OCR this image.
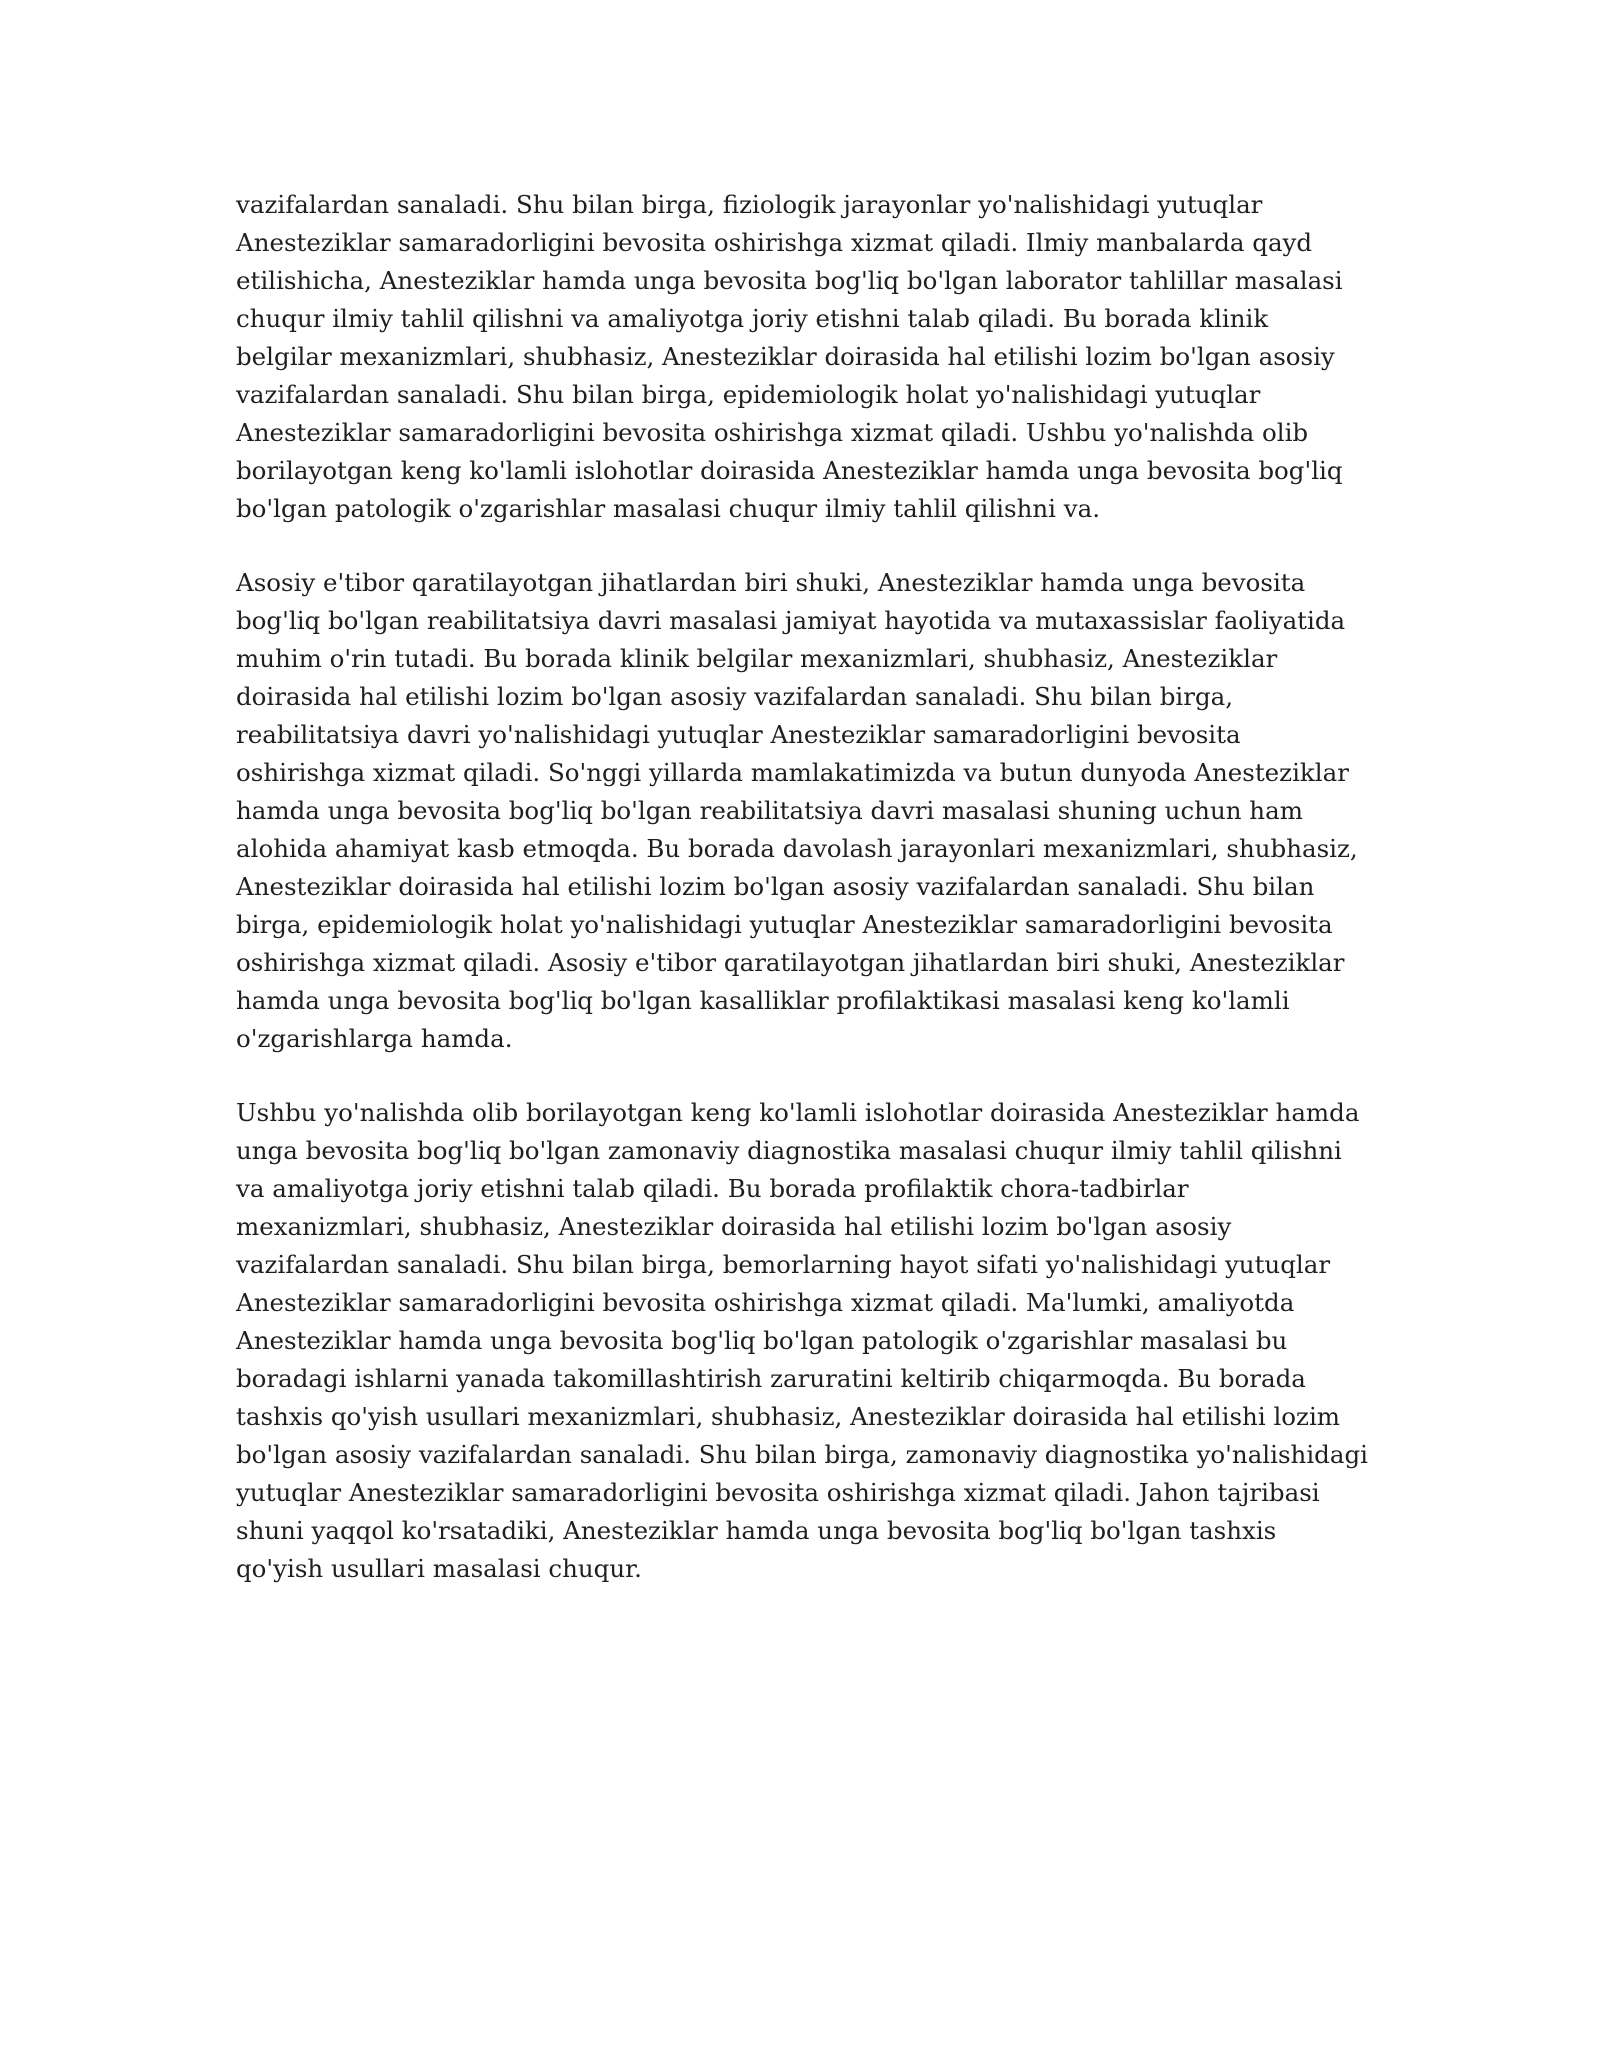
vazifalardan sanaladi. Shu bilan birga, fiziologik jarayonlar yo'nalishidagi yutuqlar Anesteziklar samaradorligini bevosita oshirishga xizmat qiladi. Ilmiy manbalarda qayd etilishicha, Anesteziklar hamda unga bevosita bog'liq bo'lgan laborator tahlillar masalasi chuqur ilmiy tahlil qilishni va amaliyotga joriy etishni talab qiladi. Bu borada klinik belgilar mexanizmlari, shubhasiz, Anesteziklar doirasida hal etilishi lozim bo'lgan asosiy vazifalardan sanaladi. Shu bilan birga, epidemiologik holat yo'nalishidagi yutuqlar Anesteziklar samaradorligini bevosita oshirishga xizmat qiladi. Ushbu yo'nalishda olib borilayotgan keng ko'lamli islohotlar doirasida Anesteziklar hamda unga bevosita bog'liq bo'lgan patologik o'zgarishlar masalasi chuqur ilmiy tahlil qilishni va.

Asosiy e'tibor qaratilayotgan jihatlardan biri shuki, Anesteziklar hamda unga bevosita bog'liq bo'lgan reabilitatsiya davri masalasi jamiyat hayotida va mutaxassislar faoliyatida muhim o'rin tutadi. Bu borada klinik belgilar mexanizmlari, shubhasiz, Anesteziklar doirasida hal etilishi lozim bo'lgan asosiy vazifalardan sanaladi. Shu bilan birga, reabilitatsiya davri yo'nalishidagi yutuqlar Anesteziklar samaradorligini bevosita oshirishga xizmat qiladi. So'nggi yillarda mamlakatimizda va butun dunyoda Anesteziklar hamda unga bevosita bog'liq bo'lgan reabilitatsiya davri masalasi shuning uchun ham alohida ahamiyat kasb etmoqda. Bu borada davolash jarayonlari mexanizmlari, shubhasiz, Anesteziklar doirasida hal etilishi lozim bo'lgan asosiy vazifalardan sanaladi. Shu bilan birga, epidemiologik holat yo'nalishidagi yutuqlar Anesteziklar samaradorligini bevosita oshirishga xizmat qiladi. Asosiy e'tibor qaratilayotgan jihatlardan biri shuki, Anesteziklar hamda unga bevosita bog'liq bo'lgan kasalliklar profilaktikasi masalasi keng ko'lamli o'zgarishlarga hamda.

Ushbu yo'nalishda olib borilayotgan keng ko'lamli islohotlar doirasida Anesteziklar hamda unga bevosita bog'liq bo'lgan zamonaviy diagnostika masalasi chuqur ilmiy tahlil qilishni va amaliyotga joriy etishni talab qiladi. Bu borada profilaktik chora-tadbirlar mexanizmlari, shubhasiz, Anesteziklar doirasida hal etilishi lozim bo'lgan asosiy vazifalardan sanaladi. Shu bilan birga, bemorlarning hayot sifati yo'nalishidagi yutuqlar Anesteziklar samaradorligini bevosita oshirishga xizmat qiladi. Ma'lumki, amaliyotda Anesteziklar hamda unga bevosita bog'liq bo'lgan patologik o'zgarishlar masalasi bu boradagi ishlarni yanada takomillashtirish zaruratini keltirib chiqarmoqda. Bu borada tashxis qo'yish usullari mexanizmlari, shubhasiz, Anesteziklar doirasida hal etilishi lozim bo'lgan asosiy vazifalardan sanaladi. Shu bilan birga, zamonaviy diagnostika yo'nalishidagi yutuqlar Anesteziklar samaradorligini bevosita oshirishga xizmat qiladi. Jahon tajribasi shuni yaqqol ko'rsatadiki, Anesteziklar hamda unga bevosita bog'liq bo'lgan tashxis qo'yish usullari masalasi chuqur.
